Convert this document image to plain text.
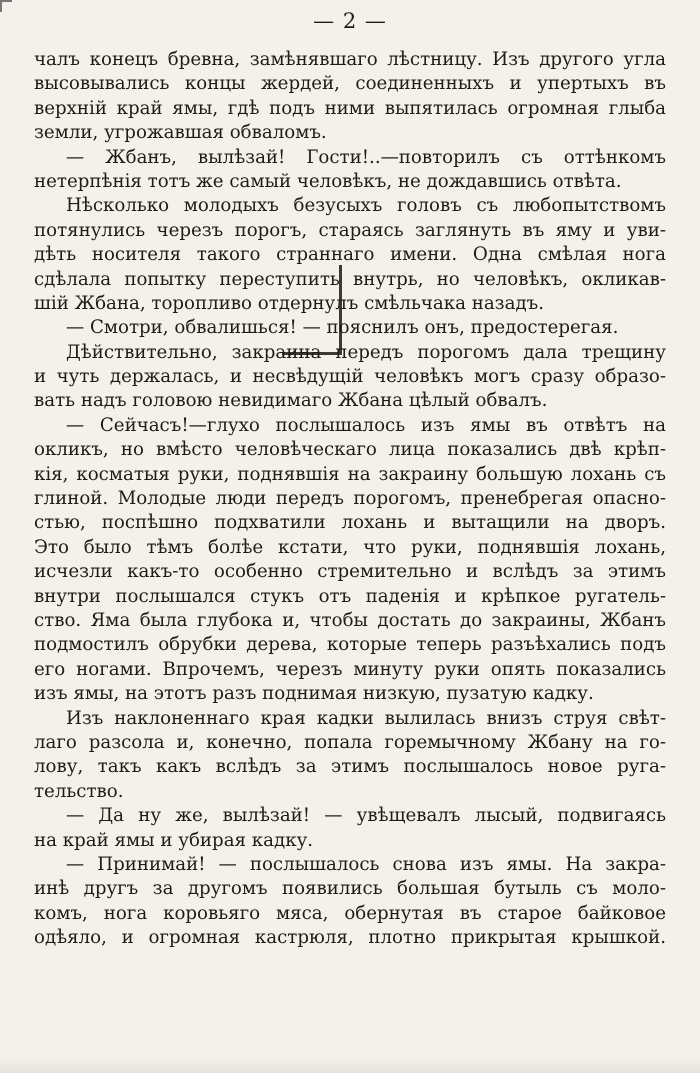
— 2 —
чалъ конецъ бревна, замѣнявшаго лѣстницу. Изъ другого угла
высовывались концы жердей, соединенныхъ и упертыхъ въ
верхній край ямы, гдѣ подъ ними выпятилась огромная глыба
земли, угрожавшая обваломъ.
— Жбанъ, вылѣзай! Гости!..—повторилъ съ оттѣнкомъ
нетерпѣнія тотъ же самый человѣкъ, не дождавшись отвѣта.
Нѣсколько молодыхъ безусыхъ головъ съ любопытствомъ
потянулись черезъ порогъ, стараясь заглянуть въ яму и уви-
дѣть носителя такого страннаго имени. Одна смѣлая нога
сдѣлала попытку переступить внутрь, но человѣкъ, окликав-
шій Жбана, торопливо отдернулъ смѣльчака назадъ.
— Смотри, обвалишься! — пояснилъ онъ, предостерегая.
Дѣйствительно, закраина передъ порогомъ дала трещину
и чуть держалась, и несвѣдущій человѣкъ могъ сразу образо-
вать надъ головою невидимаго Жбана цѣлый обвалъ.
— Сейчасъ!—глухо послышалось изъ ямы въ отвѣтъ на
окликъ, но вмѣсто человѣческаго лица показались двѣ крѣп-
кія, косматыя руки, поднявшія на закраину большую лохань съ
глиной. Молодые люди передъ порогомъ, пренебрегая опасно-
стью, поспѣшно подхватили лохань и вытащили на дворъ.
Это было тѣмъ болѣе кстати, что руки, поднявшія лохань,
исчезли какъ-то особенно стремительно и вслѣдъ за этимъ
внутри послышался стукъ отъ паденія и крѣпкое ругатель-
ство. Яма была глубока и, чтобы достать до закраины, Жбанъ
подмостилъ обрубки дерева, которые теперь разъѣхались подъ
его ногами. Впрочемъ, черезъ минуту руки опять показались
изъ ямы, на этотъ разъ поднимая низкую, пузатую кадку.
Изъ наклоненнаго края кадки вылилась внизъ струя свѣт-
лаго разсола и, конечно, попала горемычному Жбану на го-
лову, такъ какъ вслѣдъ за этимъ послышалось новое руга-
тельство.
— Да ну же, вылѣзай! — увѣщевалъ лысый, подвигаясь
на край ямы и убирая кадку.
— Принимай! — послышалось снова изъ ямы. На закра-
инѣ другъ за другомъ появились большая бутыль съ моло-
комъ, нога коровьяго мяса, обернутая въ старое байковое
одѣяло, и огромная кастрюля, плотно прикрытая крышкой.
